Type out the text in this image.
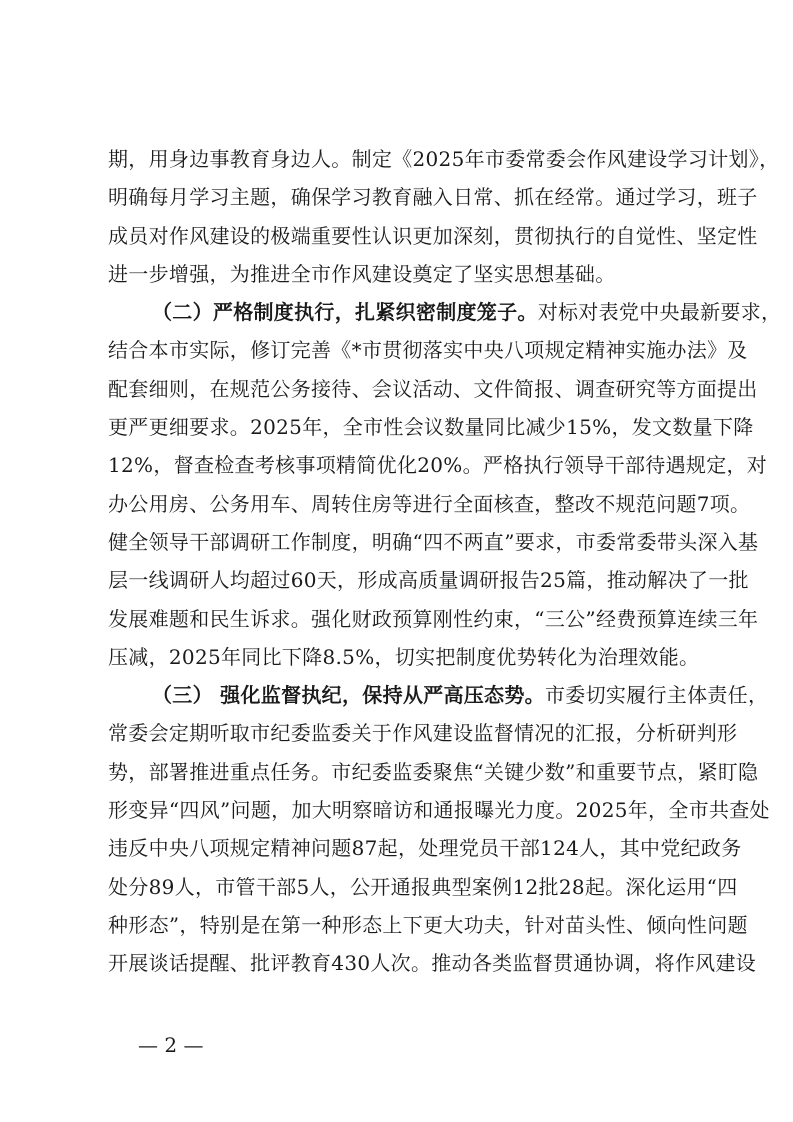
期，用身边事教育身边人。制定《2025年市委常委会作风建设学习计划》，
明确每月学习主题，确保学习教育融入日常、抓在经常。通过学习，班子
成员对作风建设的极端重要性认识更加深刻，贯彻执行的自觉性、坚定性
进一步增强，为推进全市作风建设奠定了坚实思想基础。
（二）严格制度执行，扎紧织密制度笼子。对标对表党中央最新要求，
结合本市实际，修订完善《*市贯彻落实中央八项规定精神实施办法》及
配套细则，在规范公务接待、会议活动、文件简报、调查研究等方面提出
更严更细要求。2025年，全市性会议数量同比减少15%，发文数量下降
12%，督查检查考核事项精简优化20%。严格执行领导干部待遇规定，对
办公用房、公务用车、周转住房等进行全面核查，整改不规范问题7项。
健全领导干部调研工作制度，明确“四不两直”要求，市委常委带头深入基
层一线调研人均超过60天，形成高质量调研报告25篇，推动解决了一批
发展难题和民生诉求。强化财政预算刚性约束，“三公”经费预算连续三年
压减，2025年同比下降8.5%，切实把制度优势转化为治理效能。
（三） 强化监督执纪，保持从严高压态势。市委切实履行主体责任，
常委会定期听取市纪委监委关于作风建设监督情况的汇报，分析研判形
势，部署推进重点任务。市纪委监委聚焦“关键少数”和重要节点，紧盯隐
形变异“四风”问题，加大明察暗访和通报曝光力度。2025年，全市共查处
违反中央八项规定精神问题87起，处理党员干部124人，其中党纪政务
处分89人，市管干部5人，公开通报典型案例12批28起。深化运用“四
种形态”，特别是在第一种形态上下更大功夫，针对苗头性、倾向性问题
开展谈话提醒、批评教育430人次。推动各类监督贯通协调，将作风建设
— 2 —
